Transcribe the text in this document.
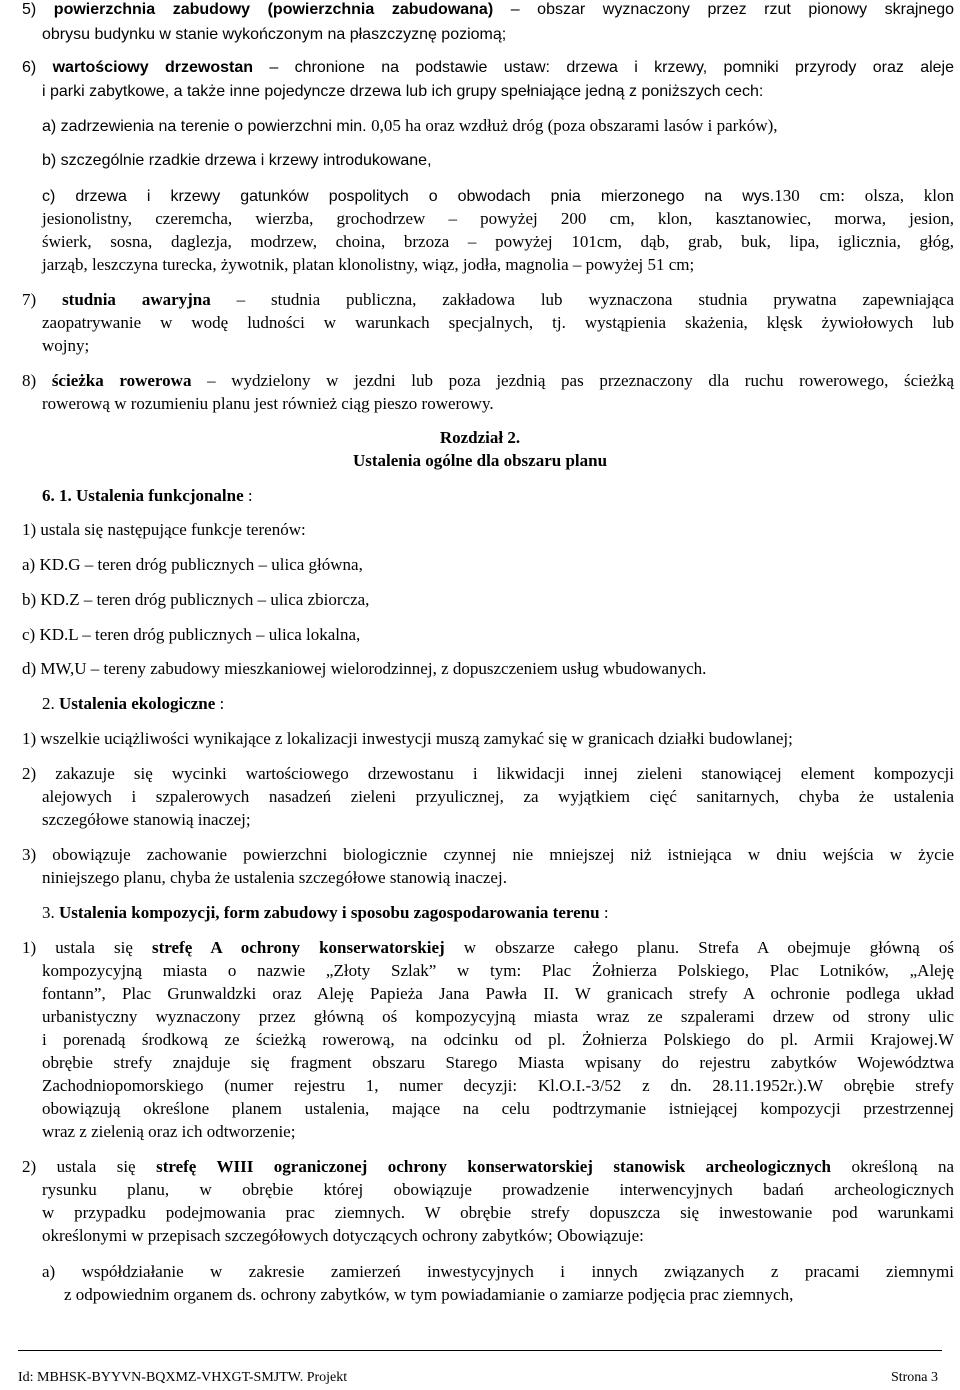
5) powierzchnia zabudowy (powierzchnia zabudowana) – obszar wyznaczony przez rzut pionowy skrajnego
obrysu budynku w stanie wykończonym na płaszczyznę poziomą;
6) wartościowy drzewostan – chronione na podstawie ustaw: drzewa i krzewy, pomniki przyrody oraz aleje
i parki zabytkowe, a także inne pojedyncze drzewa lub ich grupy spełniające jedną z poniższych cech:
a) zadrzewienia na terenie o powierzchni min. 0,05 ha oraz wzdłuż dróg (poza obszarami lasów i parków),
b) szczególnie rzadkie drzewa i krzewy introdukowane,
c) drzewa i krzewy gatunków pospolitych o obwodach pnia mierzonego na wys.130 cm: olsza, klon
jesionolistny, czeremcha, wierzba, grochodrzew – powyżej 200 cm, klon, kasztanowiec, morwa, jesion,
świerk, sosna, daglezja, modrzew, choina, brzoza – powyżej 101cm, dąb, grab, buk, lipa, iglicznia, głóg,
jarząb, leszczyna turecka, żywotnik, platan klonolistny, wiąz, jodła, magnolia – powyżej 51 cm;
7) studnia awaryjna – studnia publiczna, zakładowa lub wyznaczona studnia prywatna zapewniająca
zaopatrywanie w wodę ludności w warunkach specjalnych, tj. wystąpienia skażenia, klęsk żywiołowych lub
wojny;
8) ścieżka rowerowa – wydzielony w jezdni lub poza jezdnią pas przeznaczony dla ruchu rowerowego, ścieżką
rowerową w rozumieniu planu jest również ciąg pieszo rowerowy.
Rozdział 2.
Ustalenia ogólne dla obszaru planu
6. 1. Ustalenia funkcjonalne :
1) ustala się następujące funkcje terenów:
a) KD.G – teren dróg publicznych – ulica główna,
b) KD.Z – teren dróg publicznych – ulica zbiorcza,
c) KD.L – teren dróg publicznych – ulica lokalna,
d) MW,U – tereny zabudowy mieszkaniowej wielorodzinnej, z dopuszczeniem usług wbudowanych.
2. Ustalenia ekologiczne :
1) wszelkie uciążliwości wynikające z lokalizacji inwestycji muszą zamykać się w granicach działki budowlanej;
2) zakazuje się wycinki wartościowego drzewostanu i likwidacji innej zieleni stanowiącej element kompozycji
alejowych i szpalerowych nasadzeń zieleni przyulicznej, za wyjątkiem cięć sanitarnych, chyba że ustalenia
szczegółowe stanowią inaczej;
3) obowiązuje zachowanie powierzchni biologicznie czynnej nie mniejszej niż istniejąca w dniu wejścia w życie
niniejszego planu, chyba że ustalenia szczegółowe stanowią inaczej.
3. Ustalenia kompozycji, form zabudowy i sposobu zagospodarowania terenu :
1) ustala się strefę A ochrony konserwatorskiej w obszarze całego planu. Strefa A obejmuje główną oś
kompozycyjną miasta o nazwie „Złoty Szlak” w tym: Plac Żołnierza Polskiego, Plac Lotników, „Aleję
fontann”, Plac Grunwaldzki oraz Aleję Papieża Jana Pawła II. W granicach strefy A ochronie podlega układ
urbanistyczny wyznaczony przez główną oś kompozycyjną miasta wraz ze szpalerami drzew od strony ulic
i porenadą środkową ze ścieżką rowerową, na odcinku od pl. Żołnierza Polskiego do pl. Armii Krajowej.W
obrębie strefy znajduje się fragment obszaru Starego Miasta wpisany do rejestru zabytków Województwa
Zachodniopomorskiego (numer rejestru 1, numer decyzji: Kl.O.I.-3/52 z dn. 28.11.1952r.).W obrębie strefy
obowiązują określone planem ustalenia, mające na celu podtrzymanie istniejącej kompozycji przestrzennej
wraz z zielenią oraz ich odtworzenie;
2) ustala się strefę WIII ograniczonej ochrony konserwatorskiej stanowisk archeologicznych określoną na
rysunku planu, w obrębie której obowiązuje prowadzenie interwencyjnych badań archeologicznych
w przypadku podejmowania prac ziemnych. W obrębie strefy dopuszcza się inwestowanie pod warunkami
określonymi w przepisach szczegółowych dotyczących ochrony zabytków; Obowiązuje:
a) współdziałanie w zakresie zamierzeń inwestycyjnych i innych związanych z pracami ziemnymi
z odpowiednim organem ds. ochrony zabytków, w tym powiadamianie o zamiarze podjęcia prac ziemnych,
Id: MBHSK-BYYVN-BQXMZ-VHXGT-SMJTW. Projekt	Strona 3
